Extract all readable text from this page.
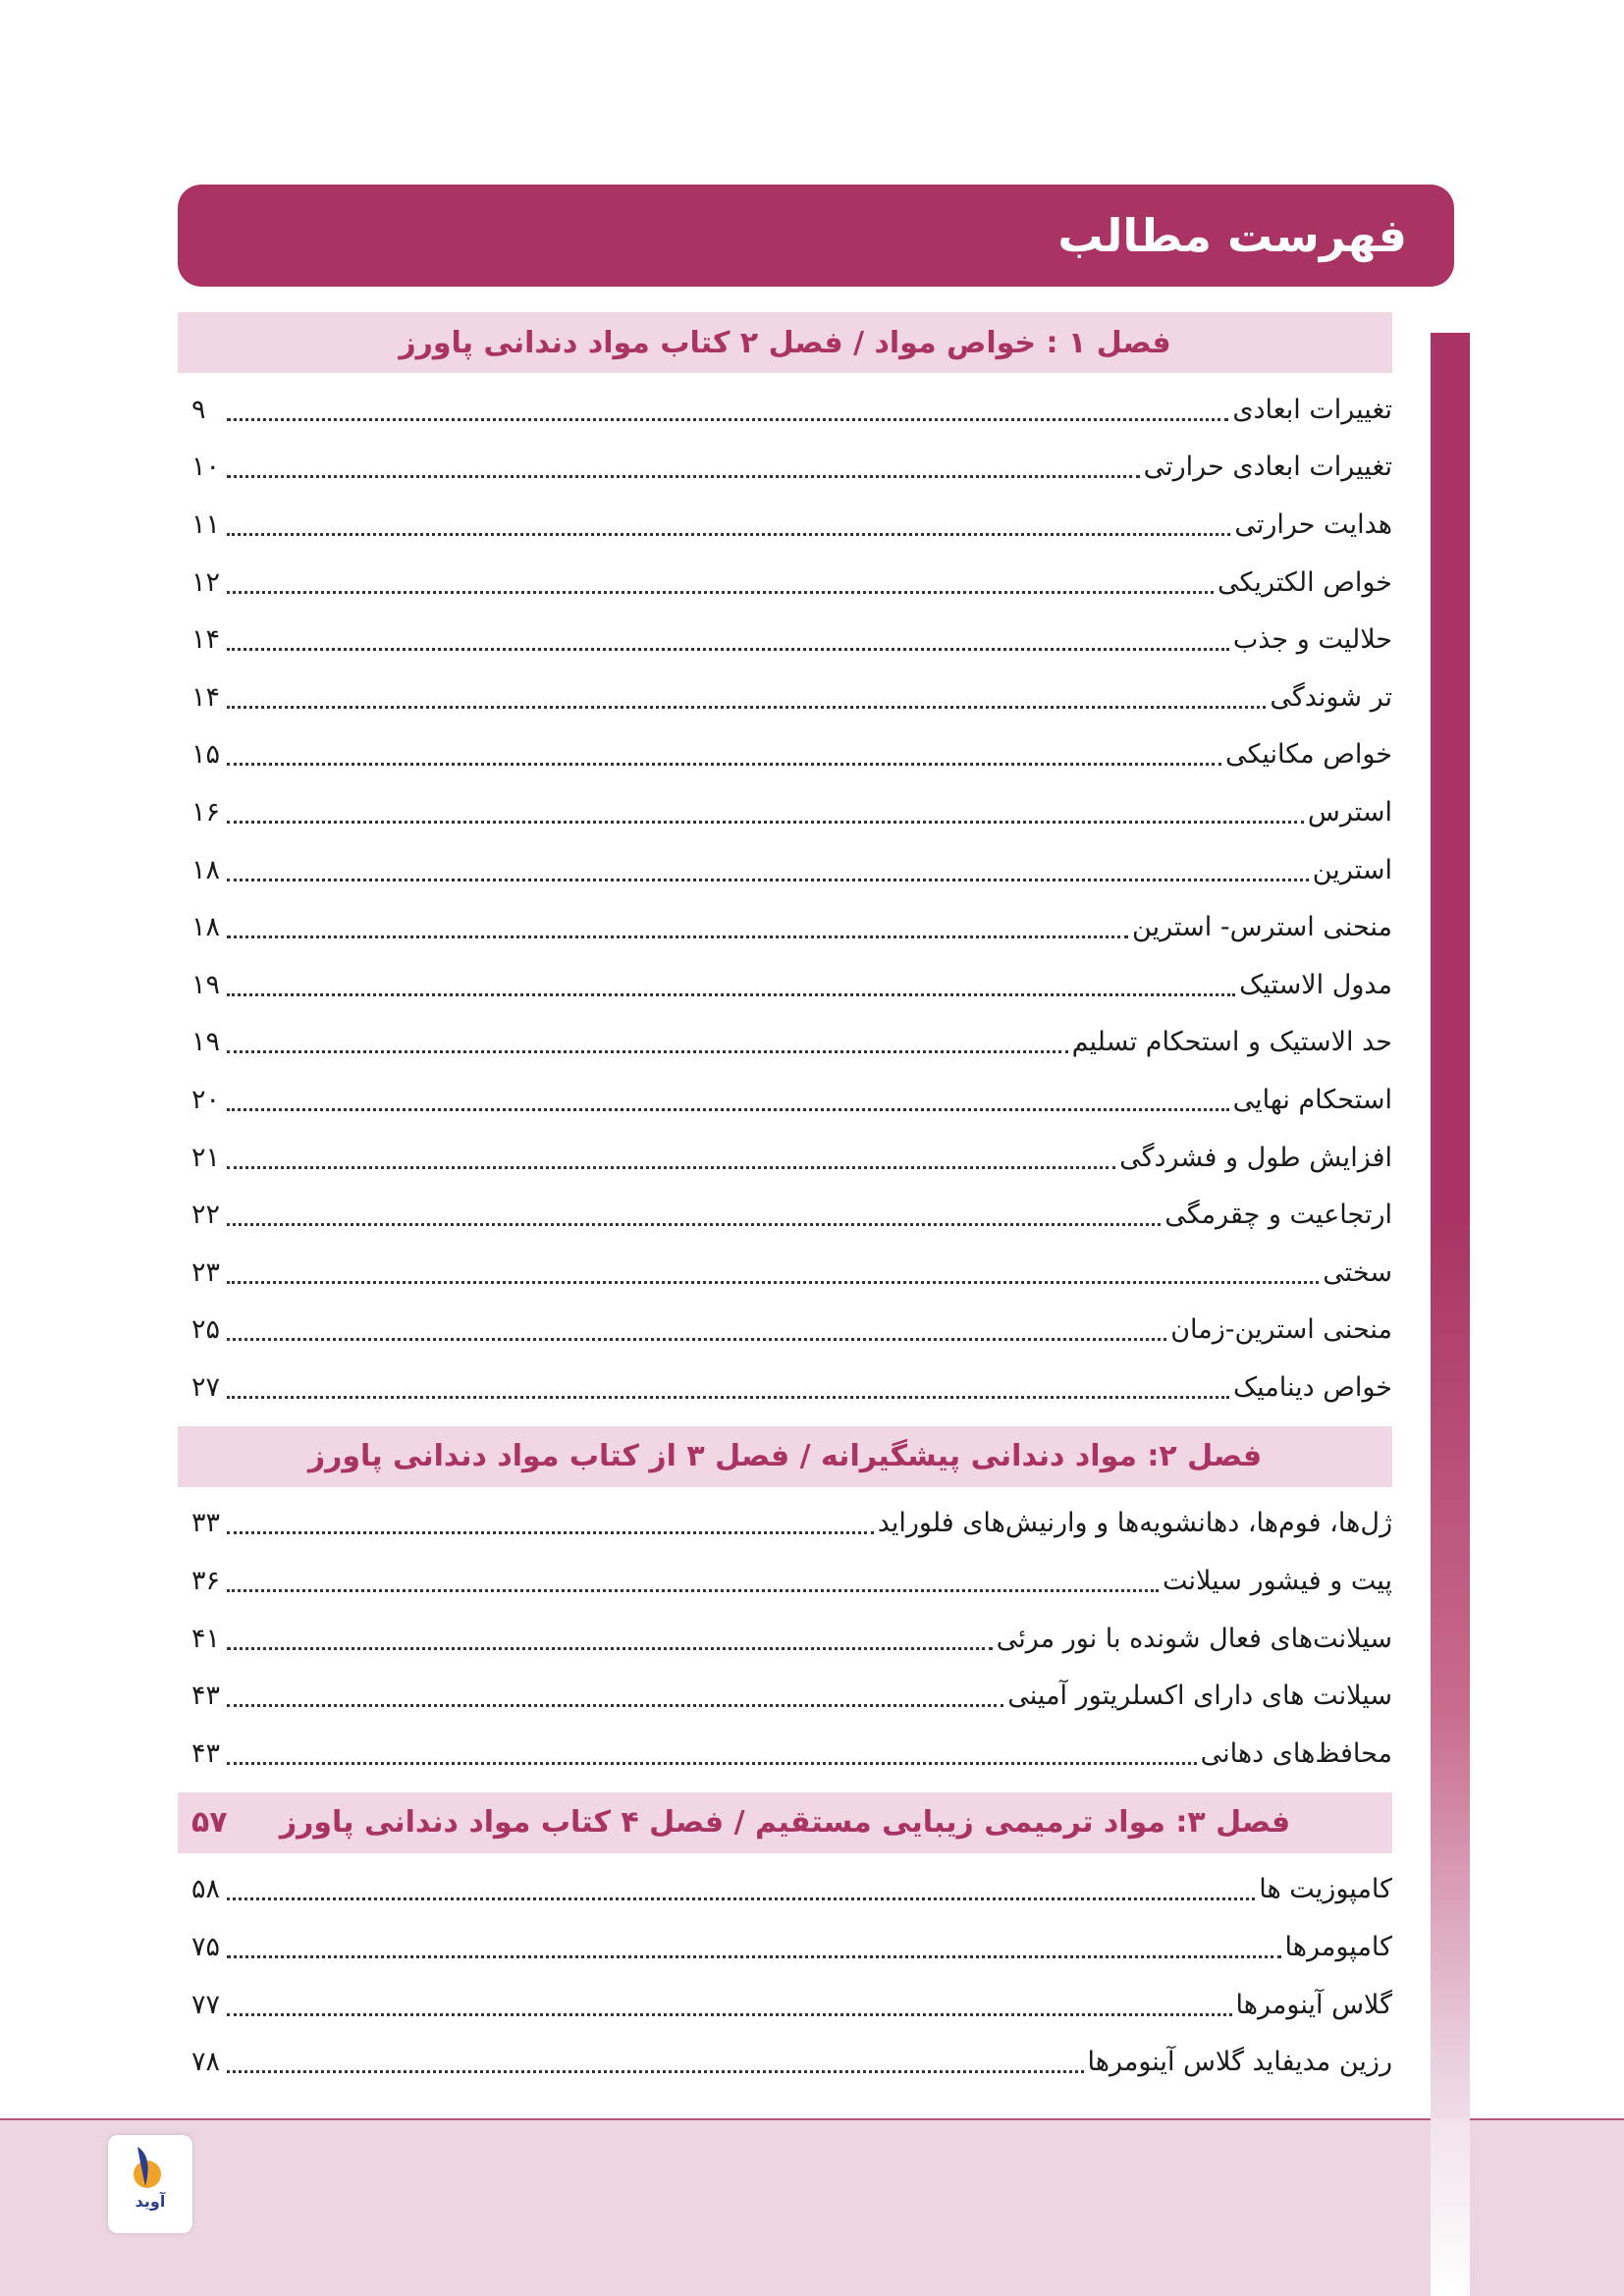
فهرست مطالب
فصل ۱ : خواص مواد / فصل ۲ کتاب مواد دندانی پاورز
تغییرات ابعادی
۹
تغییرات ابعادی حرارتی
۱۰
هدایت حرارتی
۱۱
خواص الکتریکی
۱۲
حلالیت و جذب
۱۴
تر شوندگی
۱۴
خواص مکانیکی
۱۵
استرس
۱۶
استرین
۱۸
منحنی استرس- استرین
۱۸
مدول الاستیک
۱۹
حد الاستیک و استحکام تسلیم
۱۹
استحکام نهایی
۲۰
افزایش طول و فشردگی
۲۱
ارتجاعیت و چقرمگی
۲۲
سختی
۲۳
منحنی استرین-زمان
۲۵
خواص دینامیک
۲۷
فصل ۲: مواد دندانی پیشگیرانه / فصل ۳ از کتاب مواد دندانی پاورز
ژل‌ها، فوم‌ها، دهانشویه‌ها و وارنیش‌های فلوراید
۳۳
پیت و فیشور سیلانت
۳۶
سیلانت‌های فعال شونده با نور مرئی
۴۱
سیلانت های دارای اکسلریتور آمینی
۴۳
محافظ‌های دهانی
۴۳
فصل ۳: مواد ترمیمی زیبایی مستقیم / فصل ۴ کتاب مواد دندانی پاورز
۵۷
کامپوزیت ها
۵۸
کامپومرها
۷۵
گلاس آینومرها
۷۷
رزین مدیفاید گلاس آینومرها
۷۸
آوید
